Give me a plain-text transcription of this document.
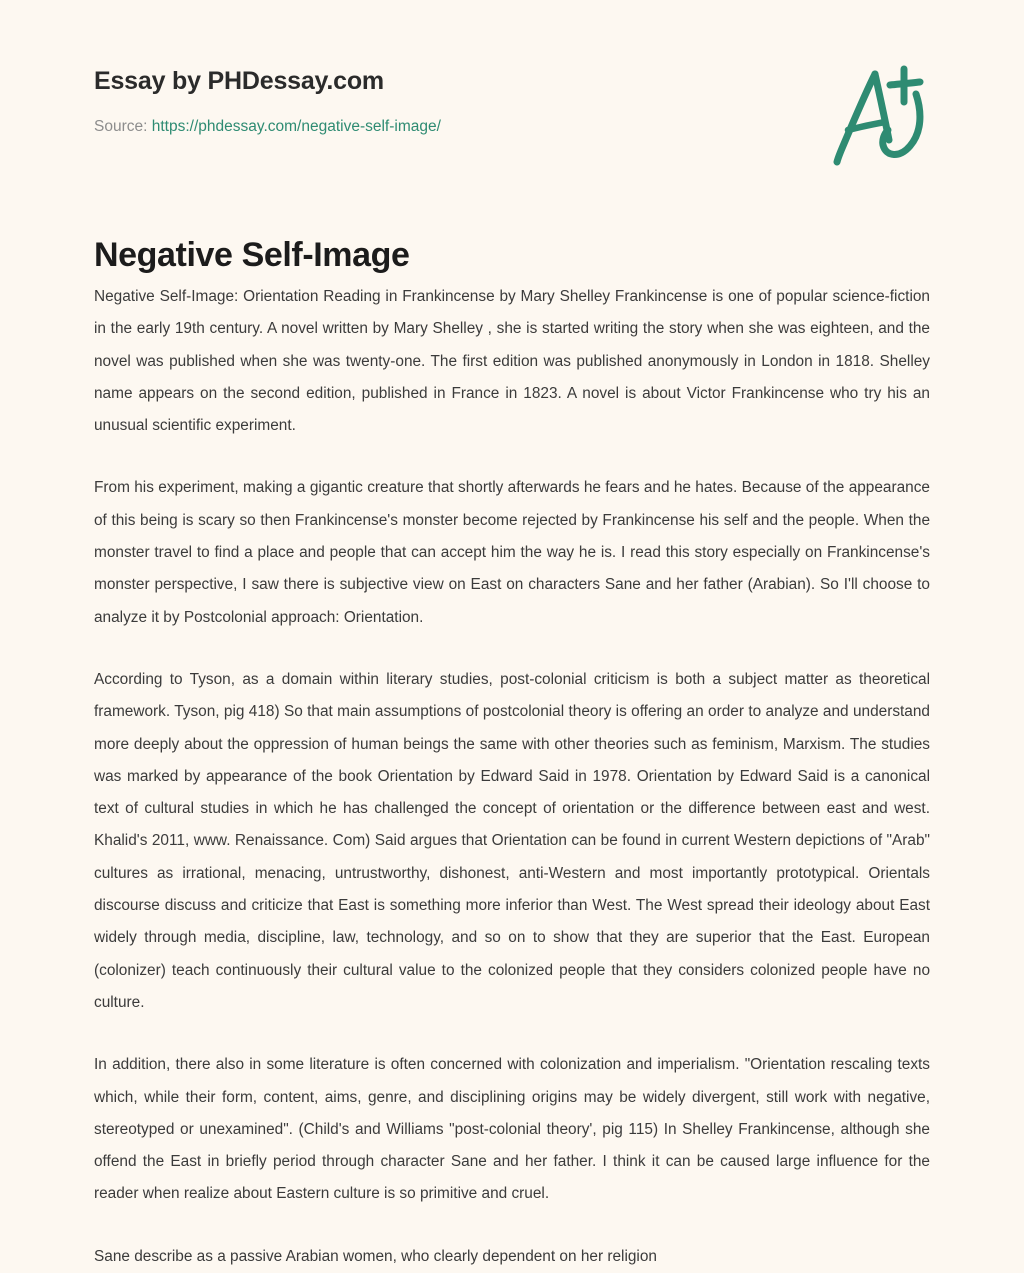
Essay by PHDessay.com
Source: https://phdessay.com/negative-self-image/
Negative Self-Image

Negative Self-Image: Orientation Reading in Frankincense by Mary Shelley Frankincense is one of popular science-fiction in the early 19th century. A novel written by Mary Shelley , she is started writing the story when she was eighteen, and the novel was published when she was twenty-one. The first edition was published anonymously in London in 1818. Shelley name appears on the second edition, published in France in 1823. A novel is about Victor Frankincense who try his an unusual scientific experiment.

From his experiment, making a gigantic creature that shortly afterwards he fears and he hates. Because of the appearance of this being is scary so then Frankincense's monster become rejected by Frankincense his self and the people. When the monster travel to find a place and people that can accept him the way he is. I read this story especially on Frankincense's monster perspective, I saw there is subjective view on East on characters Sane and her father (Arabian). So I'll choose to analyze it by Postcolonial approach: Orientation.

According to Tyson, as a domain within literary studies, post-colonial criticism is both a subject matter as theoretical framework. Tyson, pig 418) So that main assumptions of postcolonial theory is offering an order to analyze and understand more deeply about the oppression of human beings the same with other theories such as feminism, Marxism. The studies was marked by appearance of the book Orientation by Edward Said in 1978. Orientation by Edward Said is a canonical text of cultural studies in which he has challenged the concept of orientation or the difference between east and west. Khalid's 2011, www. Renaissance. Com) Said argues that Orientation can be found in current Western depictions of "Arab" cultures as irrational, menacing, untrustworthy, dishonest, anti-Western and most importantly prototypical. Orientals discourse discuss and criticize that East is something more inferior than West. The West spread their ideology about East widely through media, discipline, law, technology, and so on to show that they are superior that the East. European (colonizer) teach continuously their cultural value to the colonized people that they considers colonized people have no culture.

In addition, there also in some literature is often concerned with colonization and imperialism. "Orientation rescaling texts which, while their form, content, aims, genre, and disciplining origins may be widely divergent, still work with negative, stereotyped or unexamined". (Child's and Williams "post-colonial theory', pig 115) In Shelley Frankincense, although she offend the East in briefly period through character Sane and her father. I think it can be caused large influence for the reader when realize about Eastern culture is so primitive and cruel.

Sane describe as a passive Arabian women, who clearly dependent on her religion
